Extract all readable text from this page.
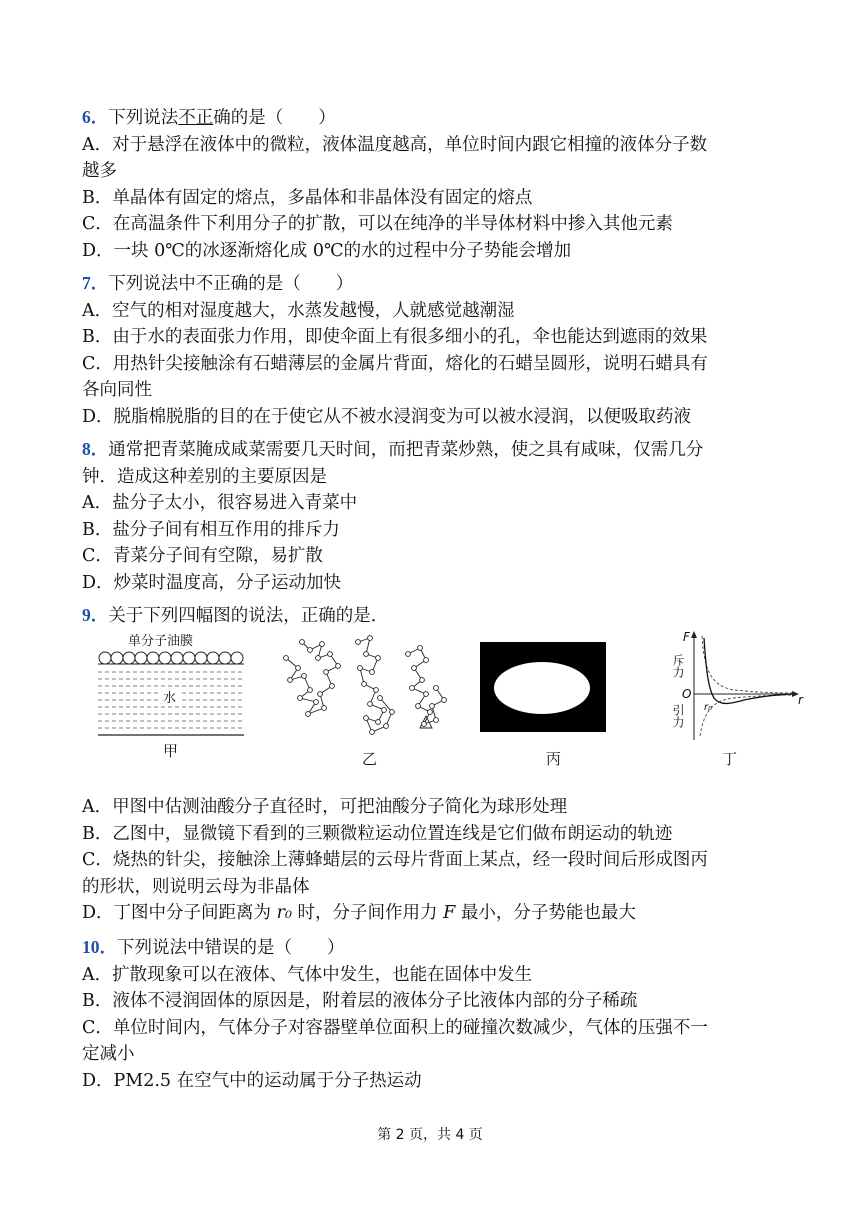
6．下列说法不正确的是（　　）

A．对于悬浮在液体中的微粒，液体温度越高，单位时间内跟它相撞的液体分子数

越多

B．单晶体有固定的熔点，多晶体和非晶体没有固定的熔点

C．在高温条件下利用分子的扩散，可以在纯净的半导体材料中掺入其他元素

D．一块 0℃的冰逐渐熔化成 0℃的水的过程中分子势能会增加

7．下列说法中不正确的是（　　）

A．空气的相对湿度越大，水蒸发越慢，人就感觉越潮湿

B．由于水的表面张力作用，即使伞面上有很多细小的孔，伞也能达到遮雨的效果

C．用热针尖接触涂有石蜡薄层的金属片背面，熔化的石蜡呈圆形，说明石蜡具有

各向同性

D．脱脂棉脱脂的目的在于使它从不被水浸润变为可以被水浸润，以便吸取药液

8．通常把青菜腌成咸菜需要几天时间，而把青菜炒熟，使之具有咸味，仅需几分

钟．造成这种差别的主要原因是

A．盐分子太小，很容易进入青菜中

B．盐分子间有相互作用的排斥力

C．青菜分子间有空隙，易扩散

D．炒菜时温度高，分子运动加快

9．关于下列四幅图的说法，正确的是．

单分子油膜
水
甲	乙	丙
F
斥力
O
引力
r
r₀
丁

A．甲图中估测油酸分子直径时，可把油酸分子简化为球形处理

B．乙图中，显微镜下看到的三颗微粒运动位置连线是它们做布朗运动的轨迹

C．烧热的针尖，接触涂上薄蜂蜡层的云母片背面上某点，经一段时间后形成图丙

的形状，则说明云母为非晶体

D．丁图中分子间距离为 r₀ 时，分子间作用力 F 最小，分子势能也最大

10．下列说法中错误的是（　　）

A．扩散现象可以在液体、气体中发生，也能在固体中发生

B．液体不浸润固体的原因是，附着层的液体分子比液体内部的分子稀疏

C．单位时间内，气体分子对容器壁单位面积上的碰撞次数减少，气体的压强不一

定减小

D．PM2.5 在空气中的运动属于分子热运动

第 2 页，共 4 页
